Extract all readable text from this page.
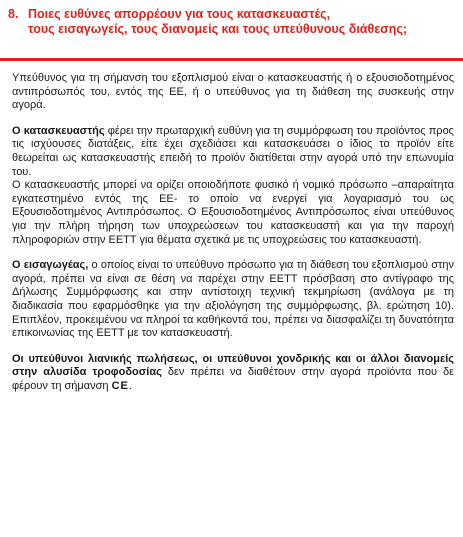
8. Ποιες ευθύνες απορρέουν για τους κατασκευαστές,
τους εισαγωγείς, τους διανομείς και τους υπεύθυνους διάθεσης;

Υπεύθυνος για τη σήμανση του εξοπλισμού είναι ο κατασκευαστής ή ο εξουσιοδοτημένος αντιπρόσωπός του, εντός της ΕΕ, ή ο υπεύθυνος για τη διάθεση της συσκευής στην αγορά.

Ο κατασκευαστής φέρει την πρωταρχική ευθύνη για τη συμμόρφωση του προϊόντος προς τις ισχύουσες διατάξεις, είτε έχει σχεδιάσει και κατασκευάσει ο ίδιος το προϊόν είτε θεωρείται ως κατασκευαστής επειδή το προϊόν διατίθεται στην αγορά υπό την επωνυμία του.

Ο κατασκευαστής μπορεί να ορίζει οποιοδήποτε φυσικό ή νομικό πρόσωπο –απαραίτητα εγκατεστημένο εντός της ΕΕ- το οποίο να ενεργεί για λογαριασμό του ως Εξουσιοδοτημένος Αντιπρόσωπος. Ο Εξουσιοδοτημένος Αντιπρόσωπος είναι υπεύθυνος για την πλήρη τήρηση των υποχρεώσεων του κατασκευαστή και για την παροχή πληροφοριών στην ΕΕΤΤ για θέματα σχετικά με τις υποχρεώσεις του κατασκευαστή.

Ο εισαγωγέας, ο οποίος είναι το υπεύθυνο πρόσωπο για τη διάθεση του εξοπλισμού στην αγορά, πρέπει να είναι σε θέση να παρέχει στην ΕΕΤΤ πρόσβαση στο αντίγραφο της Δήλωσης Συμμόρφωσης και στην αντίστοιχη τεχνική τεκμηρίωση (ανάλογα με τη διαδικασία που εφαρμόσθηκε για την αξιολόγηση της συμμόρφωσης, βλ. ερώτηση 10). Επιπλέον, προκειμένου να πληροί τα καθήκοντά του, πρέπει να διασφαλίζει τη δυνατότητα επικοινωνίας της ΕΕΤΤ με τον κατασκευαστή.

Οι υπεύθυνοι λιανικής πωλήσεως, οι υπεύθυνοι χονδρικής και οι άλλοι διανομείς στην αλυσίδα τροφοδοσίας δεν πρέπει να διαθέτουν στην αγορά προϊόντα που δε φέρουν τη σήμανση CE.
